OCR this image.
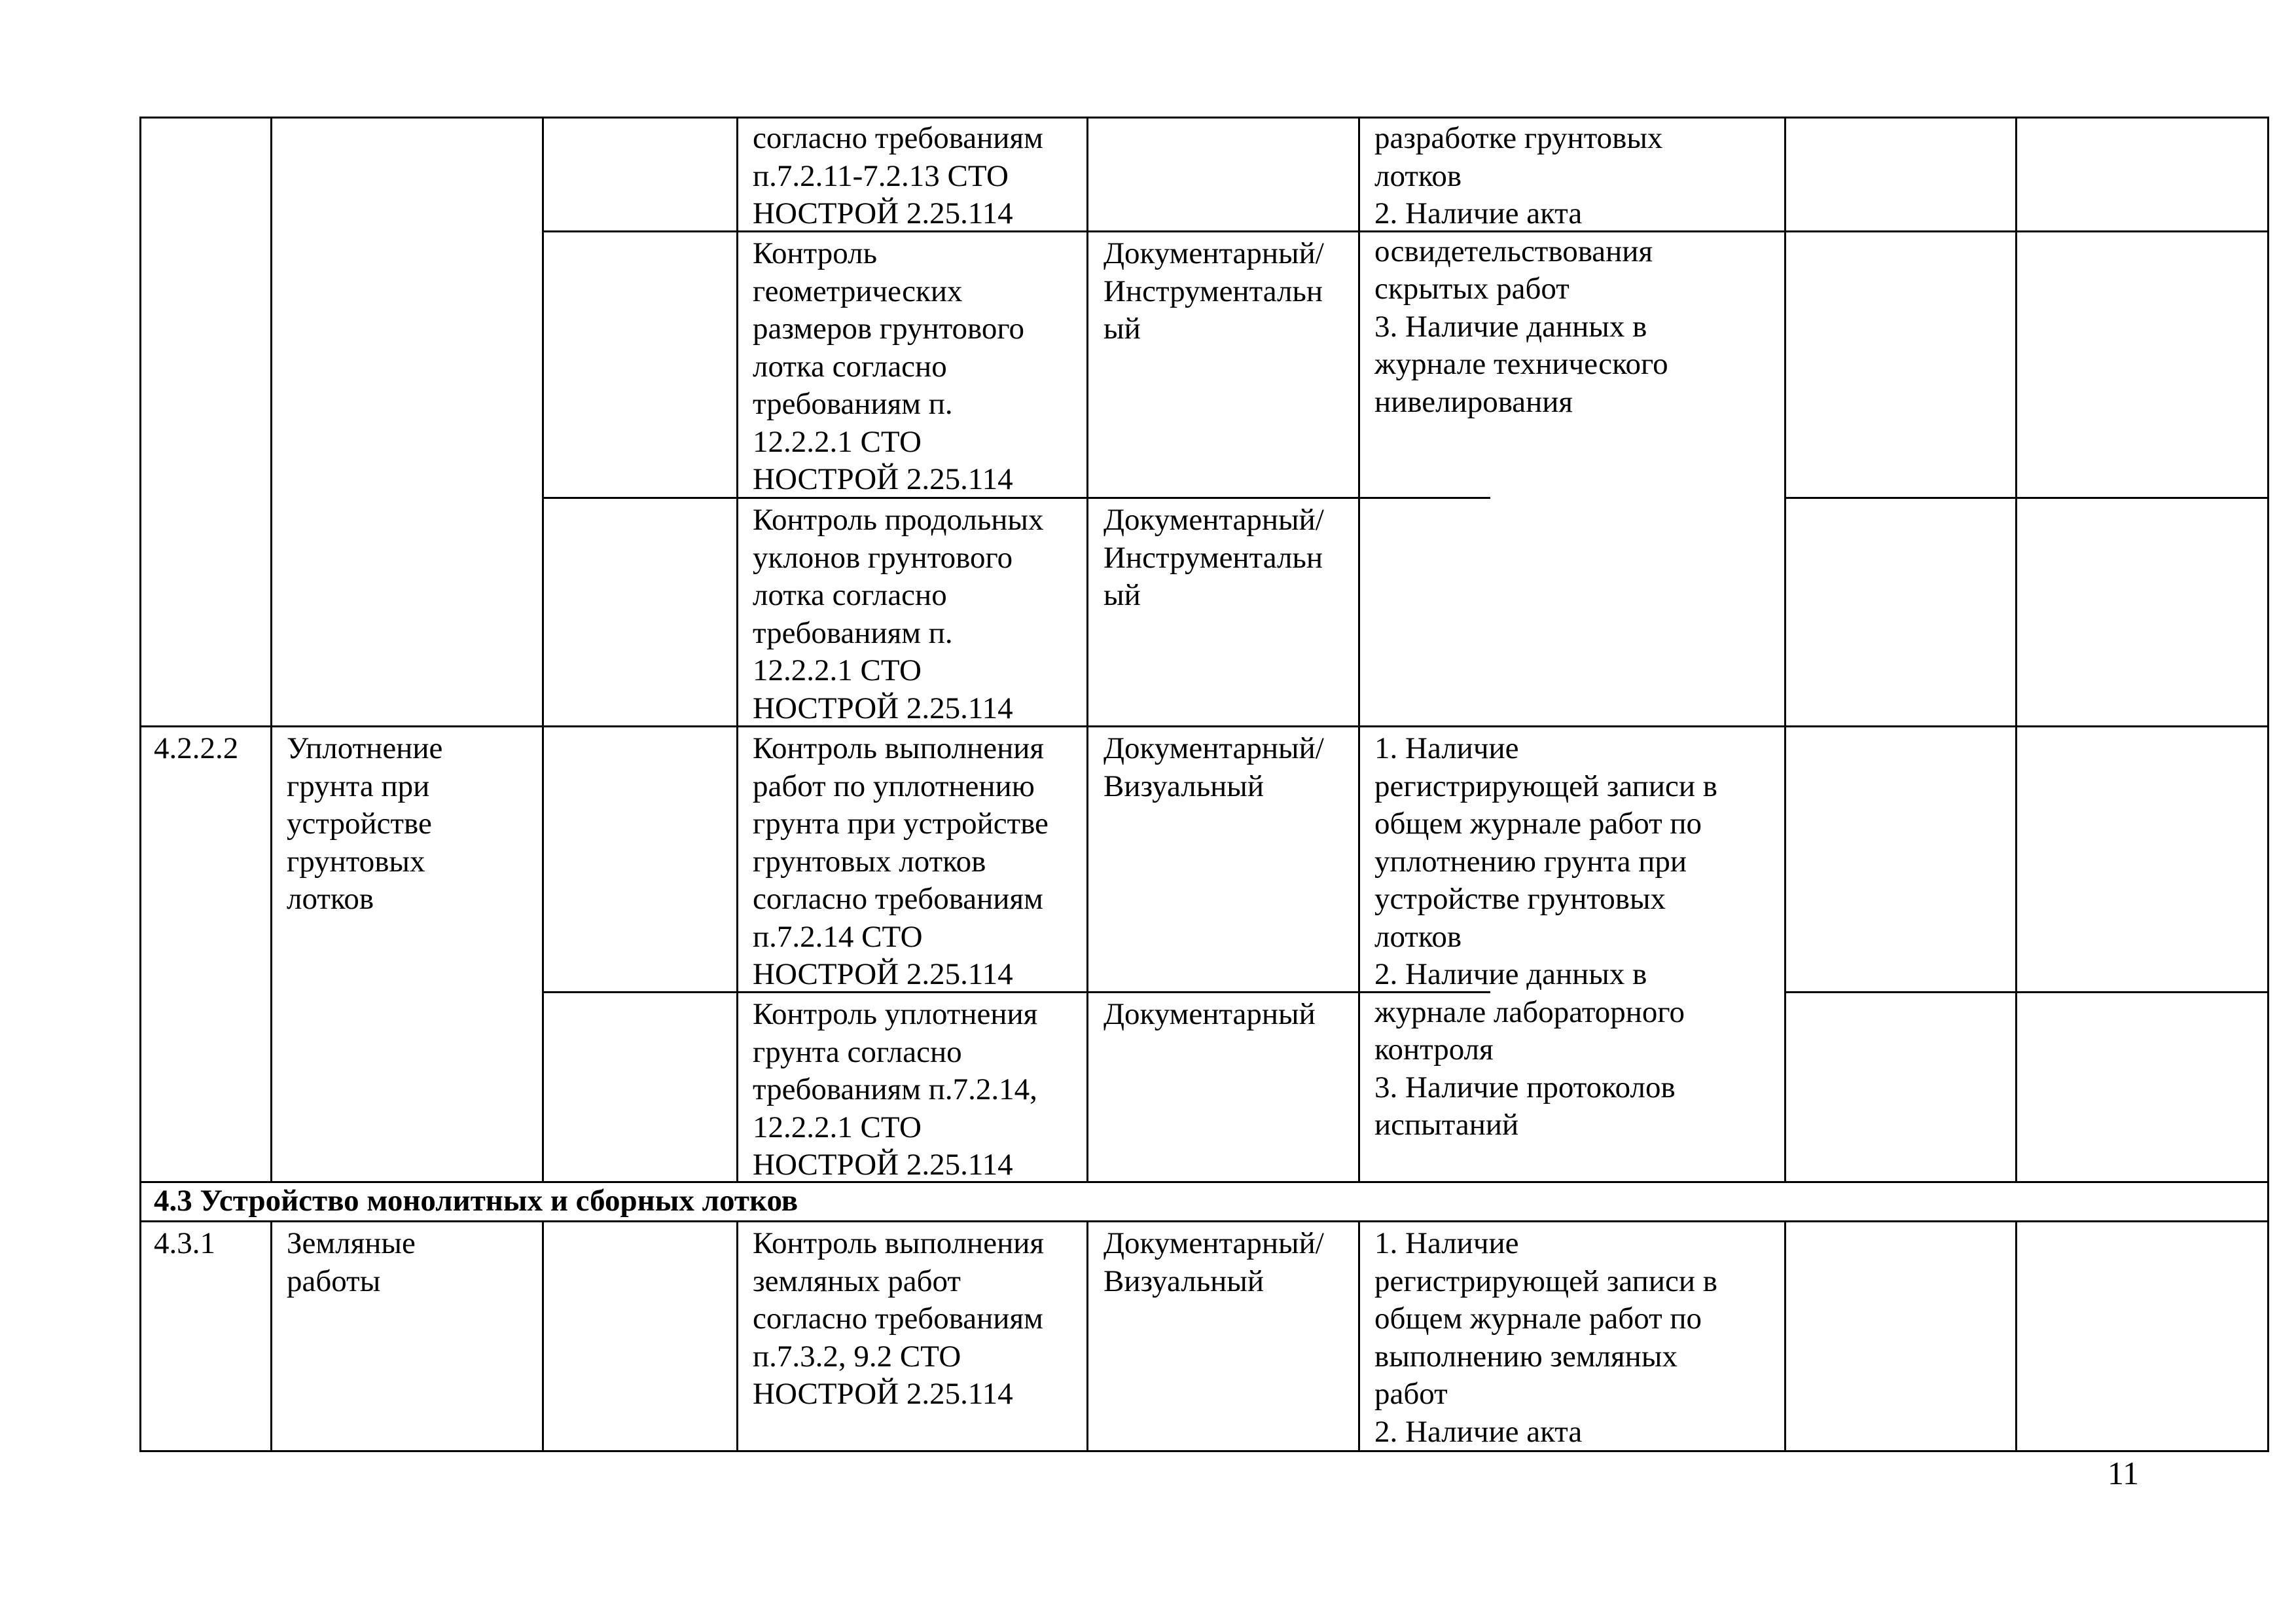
согласно требованиям
п.7.2.11-7.2.13 СТО
НОСТРОЙ 2.25.114
Контроль
геометрических
размеров грунтового
лотка согласно
требованиям п.
12.2.2.1 СТО
НОСТРОЙ 2.25.114
Документарный/
Инструментальн
ый
Контроль продольных
уклонов грунтового
лотка согласно
требованиям п.
12.2.2.1 СТО
НОСТРОЙ 2.25.114
Документарный/
Инструментальн
ый
разработке грунтовых
лотков
2. Наличие акта
освидетельствования
скрытых работ
3. Наличие данных в
журнале технического
нивелирования
4.2.2.2 Уплотнение
грунта при
устройстве
грунтовых
лотков
Контроль выполнения
работ по уплотнению
грунта при устройстве
грунтовых лотков
согласно требованиям
п.7.2.14 СТО
НОСТРОЙ 2.25.114
Документарный/
Визуальный
Контроль уплотнения
грунта согласно
требованиям п.7.2.14,
12.2.2.1 СТО
НОСТРОЙ 2.25.114
Документарный
1. Наличие
регистрирующей записи в
общем журнале работ по
уплотнению грунта при
устройстве грунтовых
лотков
2. Наличие данных в
журнале лабораторного
контроля
3. Наличие протоколов
испытаний
4.3 Устройство монолитных и сборных лотков
4.3.1 Земляные
работы
Контроль выполнения
земляных работ
согласно требованиям
п.7.3.2, 9.2 СТО
НОСТРОЙ 2.25.114
Документарный/
Визуальный
1. Наличие
регистрирующей записи в
общем журнале работ по
выполнению земляных
работ
2. Наличие акта
11
